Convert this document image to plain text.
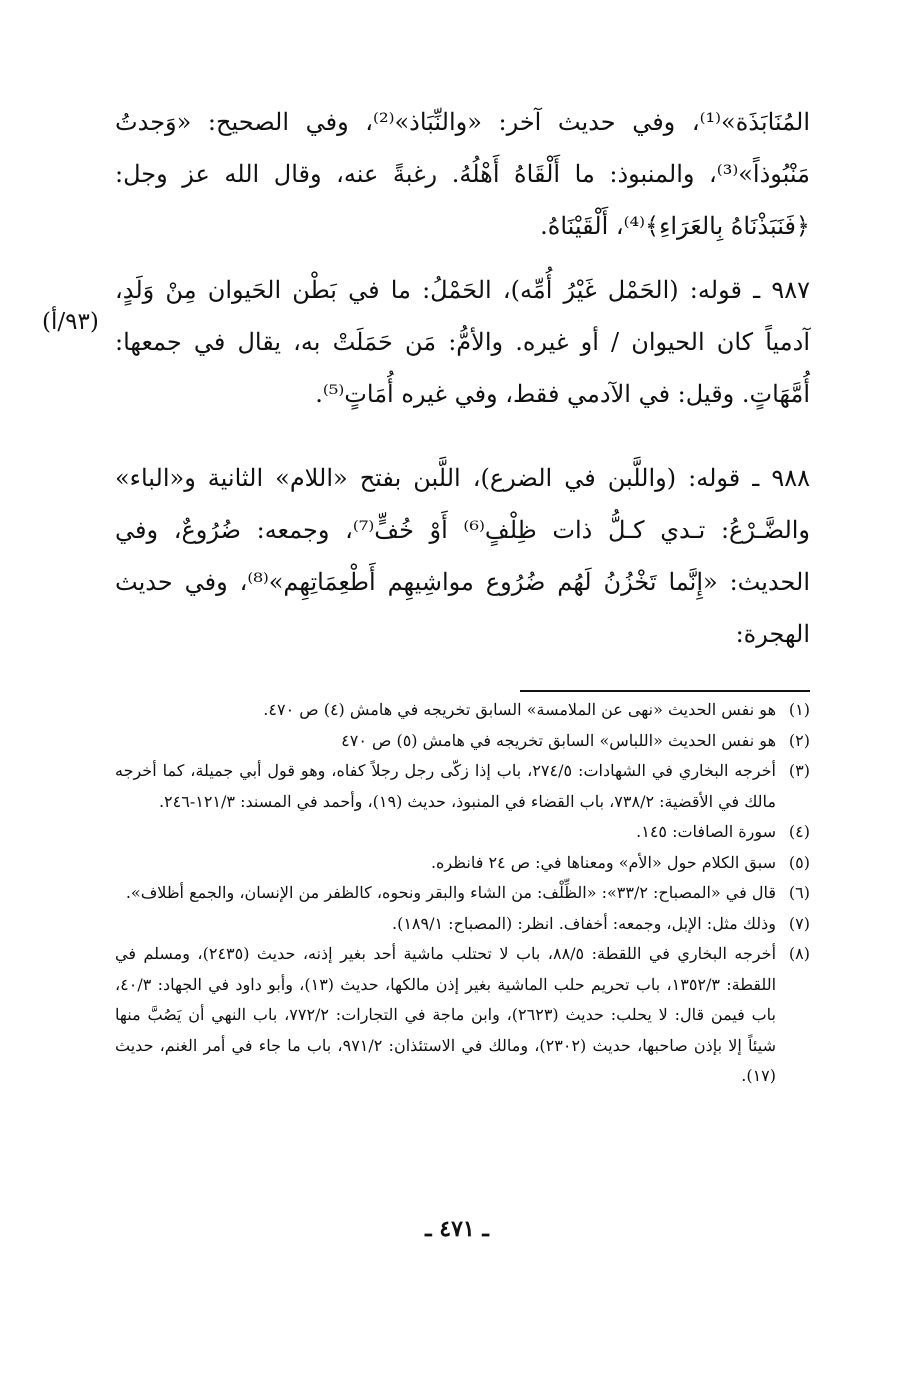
المُنَابَذَة»⁽¹⁾، وفي حديث آخر: «والنِّبَاذ»⁽²⁾، وفي الصحيح: «وَجدتُ مَنْبُوذاً»⁽³⁾، والمنبوذ: ما أَلْقَاهُ أَهْلُهُ. رغبةً عنه، وقال الله عز وجل: ﴿فَنَبَذْنَاهُ بِالعَرَاءِ﴾⁽⁴⁾، أَلْقَيْنَاهُ.

٩٨٧ ـ قوله: (الحَمْل غَيْرُ أُمِّه)، الحَمْلُ: ما في بَطْن الحَيوان مِنْ وَلَدٍ، آدمياً كان الحيوان / أو غيره. والأمُّ: مَن حَمَلَتْ به، يقال في جمعها: أُمَّهَاتٍ. وقيل: في الآدمي فقط، وفي غيره أُمَاتٍ⁽⁵⁾.

(٩٣/أ)

٩٨٨ ـ قوله: (واللَّبن في الضرع)، اللَّبن بفتح «اللام» الثانية و«الباء» والضَّـرْعُ: تـدي كـلُّ ذات ظِلْفٍ⁽⁶⁾ أَوْ خُفٍّ⁽⁷⁾، وجمعه: ضُرُوعٌ، وفي الحديث: «إِنَّما تَخْزُنُ لَهُم ضُرُوع مواشِيهِم أَطْعِمَاتِهِم»⁽⁸⁾، وفي حديث الهجرة:

(١)
هو نفس الحديث «نهى عن الملامسة» السابق تخريجه في هامش (٤) ص ٤٧٠.
(٢)
هو نفس الحديث «اللباس» السابق تخريجه في هامش (٥) ص ٤٧٠
(٣)
أخرجه البخاري في الشهادات: ٢٧٤/٥، باب إذا زكّى رجل رجلاً كفاه، وهو قول أبي جميلة، كما أخرجه مالك في الأقضية: ٧٣٨/٢، باب القضاء في المنبوذ، حديث (١٩)، وأحمد في المسند: ١٢١/٣-٢٤٦.
(٤)
سورة الصافات: ١٤٥.
(٥)
سبق الكلام حول «الأم» ومعناها في: ص ٢٤ فانظره.
(٦)
قال في «المصباح: ٣٣/٢»: «الظِّلْف: من الشاء والبقر ونحوه، كالظفر من الإنسان، والجمع أظلاف».
(٧)
وذلك مثل: الإبل، وجمعه: أخفاف. انظر: (المصباح: ١٨٩/١).
(٨)
أخرجه البخاري في اللقطة: ٨٨/٥، باب لا تحتلب ماشية أحد بغير إذنه، حديث (٢٤٣٥)، ومسلم في اللقطة: ١٣٥٢/٣، باب تحريم حلب الماشية بغير إذن مالكها، حديث (١٣)، وأبو داود في الجهاد: ٤٠/٣، باب فيمن قال: لا يحلب: حديث (٢٦٢٣)، وابن ماجة في التجارات: ٧٧٢/٢، باب النهي أن يَصُبَّ منها شيئاً إلا بإذن صاحبها، حديث (٢٣٠٢)، ومالك في الاستئذان: ٩٧١/٢، باب ما جاء في أمر الغنم، حديث (١٧).
ـ ٤٧١ ـ
